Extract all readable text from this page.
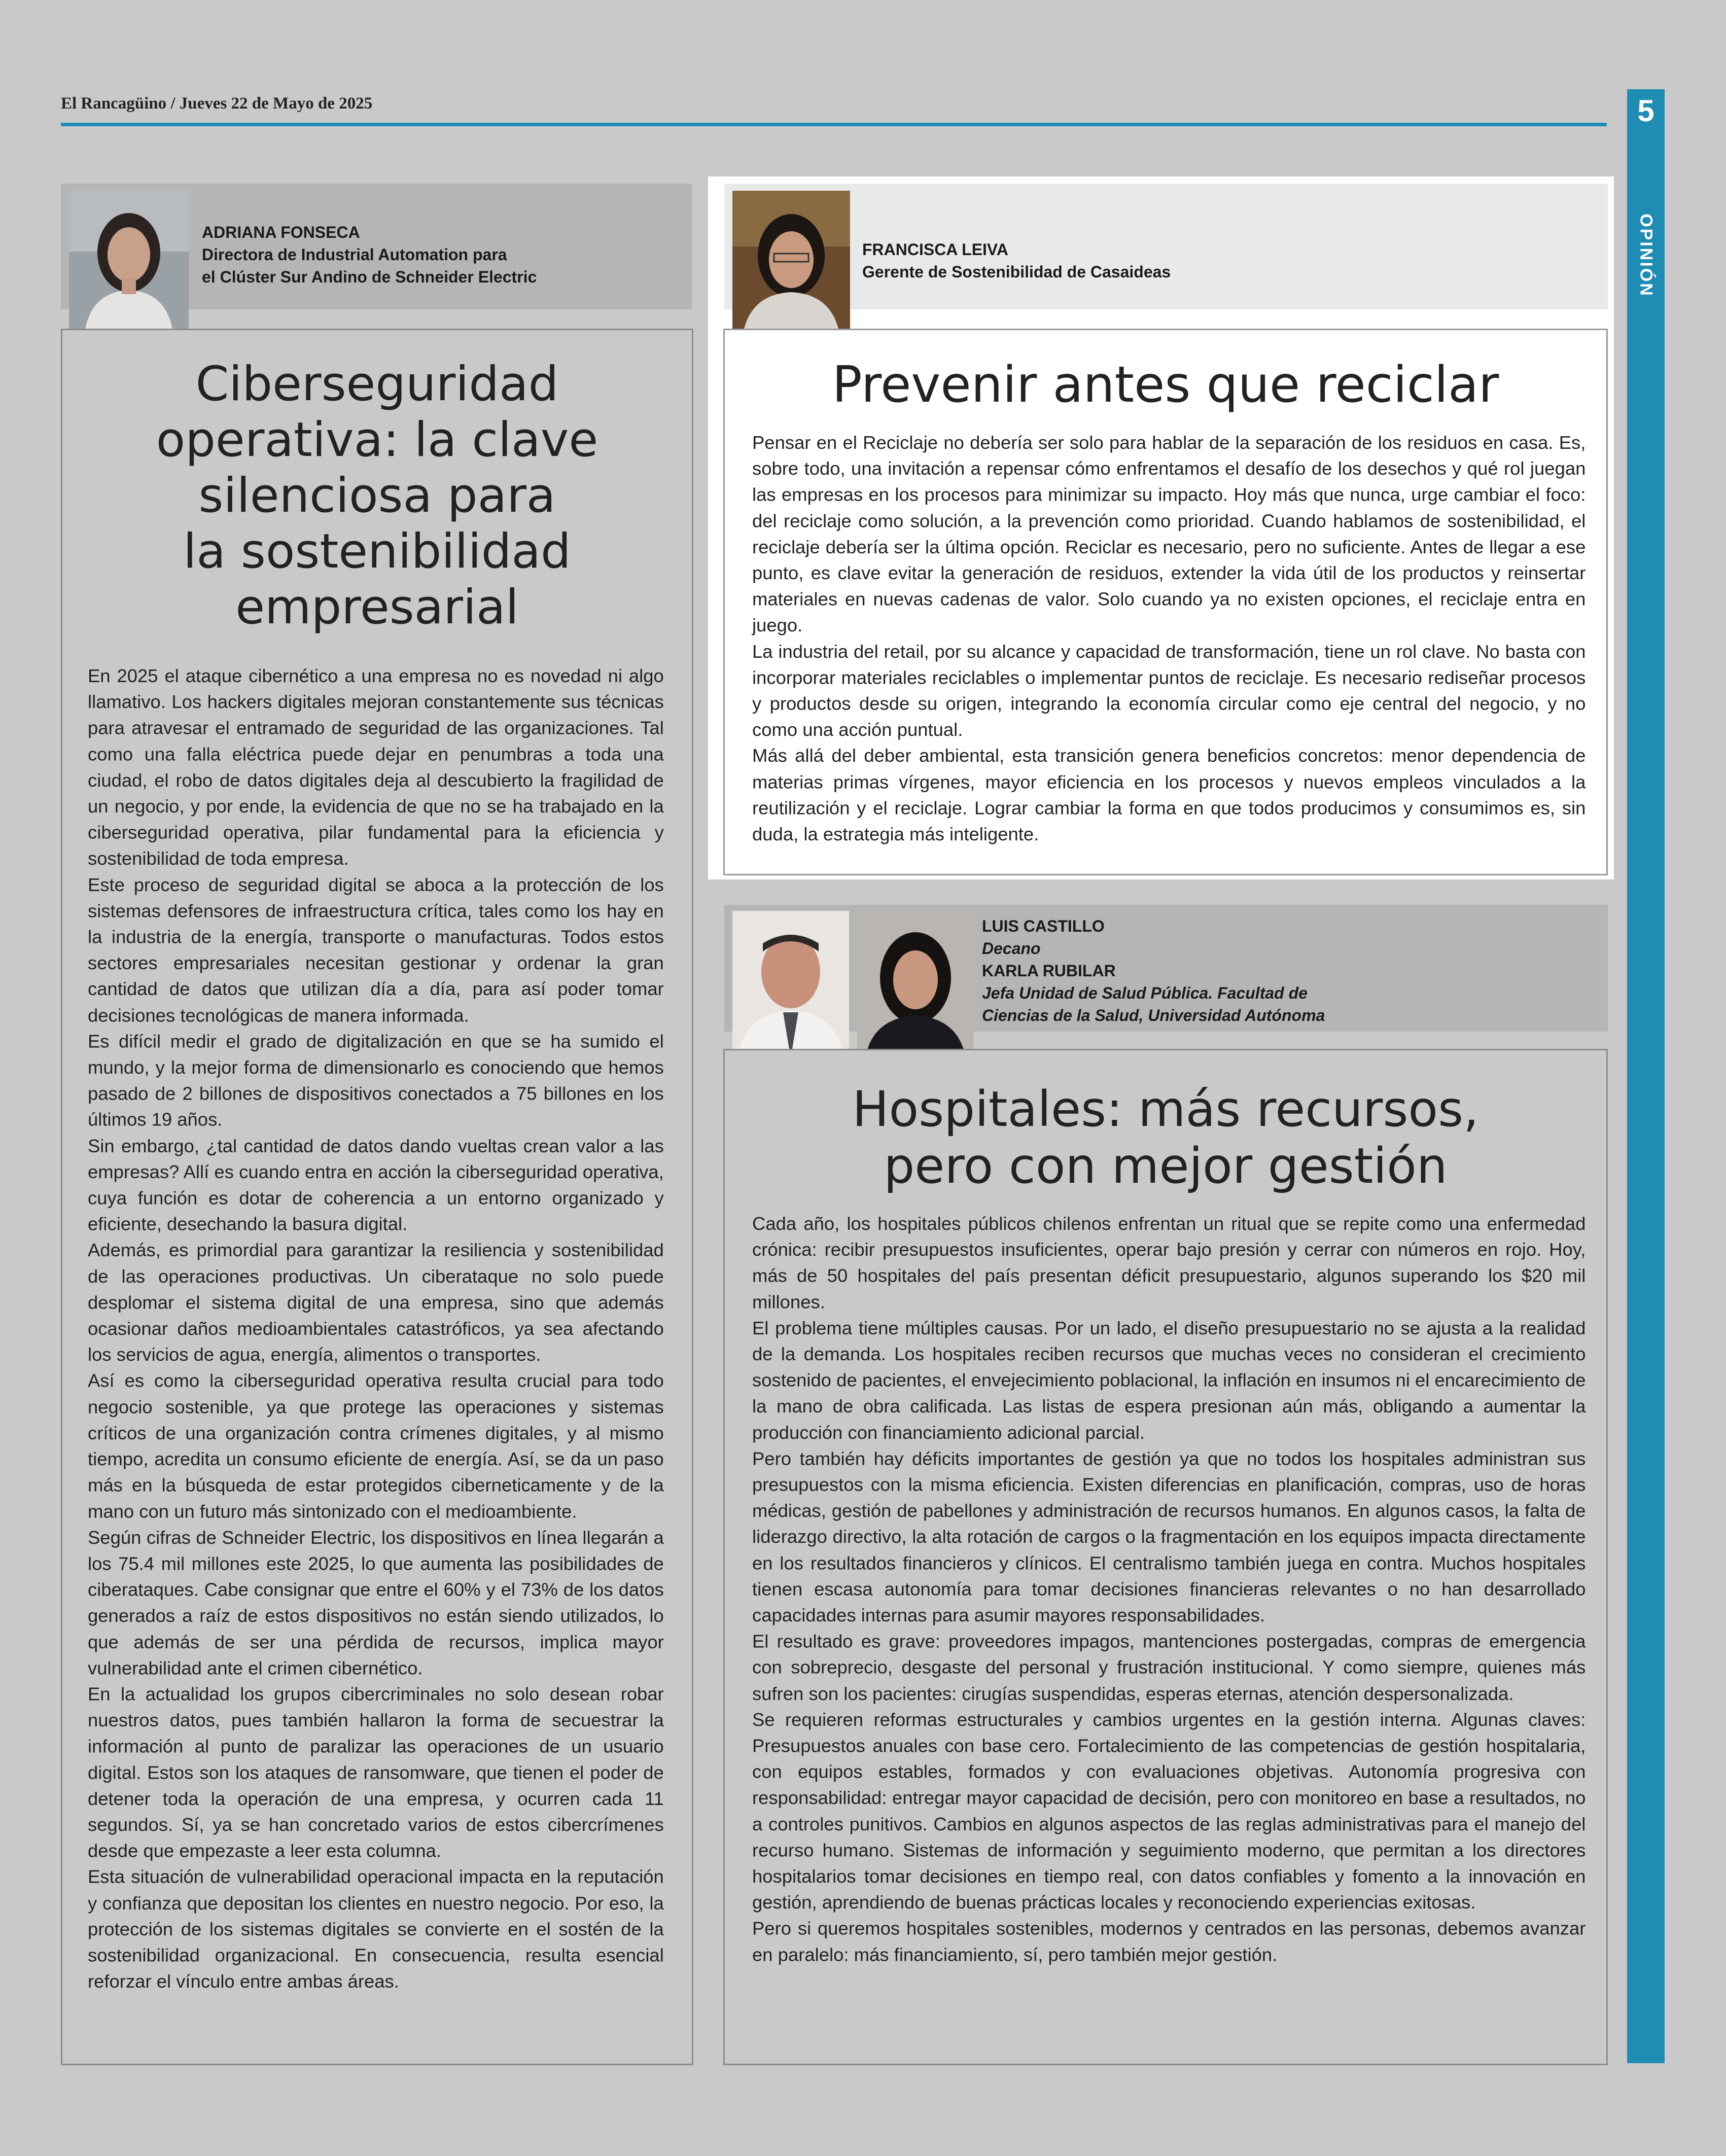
El Rancagüino / Jueves 22 de Mayo de 2025	5
OPINIÓN
ADRIANA FONSECA
Directora de Industrial Automation para
el Clúster Sur Andino de Schneider Electric
Ciberseguridad
operativa: la clave
silenciosa para
la sostenibilidad
empresarial

En 2025 el ataque cibernético a una empresa no es novedad ni algo llamativo. Los hackers digitales mejoran constantemente sus técnicas para atravesar el entramado de seguridad de las organizaciones. Tal como una falla eléctrica puede dejar en penumbras a toda una ciudad, el robo de datos digitales deja al descubierto la fragilidad de un negocio, y por ende, la evidencia de que no se ha trabajado en la ciberseguridad operativa, pilar fundamental para la eficiencia y sostenibilidad de toda empresa.

Este proceso de seguridad digital se aboca a la protección de los sistemas defensores de infraestructura crítica, tales como los hay en la industria de la energía, transporte o manufacturas. Todos estos sectores empresariales necesitan gestionar y ordenar la gran cantidad de datos que utilizan día a día, para así poder tomar decisiones tecnológicas de manera informada.

Es difícil medir el grado de digitalización en que se ha sumido el mundo, y la mejor forma de dimensionarlo es conociendo que hemos pasado de 2 billones de dispositivos conectados a 75 billones en los últimos 19 años.

Sin embargo, ¿tal cantidad de datos dando vueltas crean valor a las empresas? Allí es cuando entra en acción la ciberseguridad operativa, cuya función es dotar de coherencia a un entorno organizado y eficiente, desechando la basura digital.

Además, es primordial para garantizar la resiliencia y sostenibilidad de las operaciones productivas. Un ciberataque no solo puede desplomar el sistema digital de una empresa, sino que además ocasionar daños medioambientales catastróficos, ya sea afectando los servicios de agua, energía, alimentos o transportes.

Así es como la ciberseguridad operativa resulta crucial para todo negocio sostenible, ya que protege las operaciones y sistemas críticos de una organización contra crímenes digitales, y al mismo tiempo, acredita un consumo eficiente de energía. Así, se da un paso más en la búsqueda de estar protegidos ciberneticamente y de la mano con un futuro más sintonizado con el medioambiente.

Según cifras de Schneider Electric, los dispositivos en línea llegarán a los 75.4 mil millones este 2025, lo que aumenta las posibilidades de ciberataques. Cabe consignar que entre el 60% y el 73% de los datos generados a raíz de estos dispositivos no están siendo utilizados, lo que además de ser una pérdida de recursos, implica mayor vulnerabilidad ante el crimen cibernético.

En la actualidad los grupos cibercriminales no solo desean robar nuestros datos, pues también hallaron la forma de secuestrar la información al punto de paralizar las operaciones de un usuario digital. Estos son los ataques de ransomware, que tienen el poder de detener toda la operación de una empresa, y ocurren cada 11 segundos. Sí, ya se han concretado varios de estos cibercrímenes desde que empezaste a leer esta columna.

Esta situación de vulnerabilidad operacional impacta en la reputación y confianza que depositan los clientes en nuestro negocio. Por eso, la protección de los sistemas digitales se convierte en el sostén de la sostenibilidad organizacional. En consecuencia, resulta esencial reforzar el vínculo entre ambas áreas.

FRANCISCA LEIVA
Gerente de Sostenibilidad de Casaideas
Prevenir antes que reciclar

Pensar en el Reciclaje no debería ser solo para hablar de la separación de los residuos en casa. Es, sobre todo, una invitación a repensar cómo enfrentamos el desafío de los desechos y qué rol juegan las empresas en los procesos para minimizar su impacto. Hoy más que nunca, urge cambiar el foco: del reciclaje como solución, a la prevención como prioridad. Cuando hablamos de sostenibilidad, el reciclaje debería ser la última opción. Reciclar es necesario, pero no suficiente. Antes de llegar a ese punto, es clave evitar la generación de residuos, extender la vida útil de los productos y reinsertar materiales en nuevas cadenas de valor. Solo cuando ya no existen opciones, el reciclaje entra en juego.

La industria del retail, por su alcance y capacidad de transformación, tiene un rol clave. No basta con incorporar materiales reciclables o implementar puntos de reciclaje. Es necesario rediseñar procesos y productos desde su origen, integrando la economía circular como eje central del negocio, y no como una acción puntual.

Más allá del deber ambiental, esta transición genera beneficios concretos: menor dependencia de materias primas vírgenes, mayor eficiencia en los procesos y nuevos empleos vinculados a la reutilización y el reciclaje. Lograr cambiar la forma en que todos producimos y consumimos es, sin duda, la estrategia más inteligente.

LUIS CASTILLO
Decano
KARLA RUBILAR
Jefa Unidad de Salud Pública. Facultad de
Ciencias de la Salud, Universidad Autónoma
Hospitales: más recursos,
pero con mejor gestión

Cada año, los hospitales públicos chilenos enfrentan un ritual que se repite como una enfermedad crónica: recibir presupuestos insuficientes, operar bajo presión y cerrar con números en rojo. Hoy, más de 50 hospitales del país presentan déficit presupuestario, algunos superando los $20 mil millones.

El problema tiene múltiples causas. Por un lado, el diseño presupuestario no se ajusta a la realidad de la demanda. Los hospitales reciben recursos que muchas veces no consideran el crecimiento sostenido de pacientes, el envejecimiento poblacional, la inflación en insumos ni el encarecimiento de la mano de obra calificada. Las listas de espera presionan aún más, obligando a aumentar la producción con financiamiento adicional parcial.

Pero también hay déficits importantes de gestión ya que no todos los hospitales administran sus presupuestos con la misma eficiencia. Existen diferencias en planificación, compras, uso de horas médicas, gestión de pabellones y administración de recursos humanos. En algunos casos, la falta de liderazgo directivo, la alta rotación de cargos o la fragmentación en los equipos impacta directamente en los resultados financieros y clínicos. El centralismo también juega en contra. Muchos hospitales tienen escasa autonomía para tomar decisiones financieras relevantes o no han desarrollado capacidades internas para asumir mayores responsabilidades.

El resultado es grave: proveedores impagos, mantenciones postergadas, compras de emergencia con sobreprecio, desgaste del personal y frustración institucional. Y como siempre, quienes más sufren son los pacientes: cirugías suspendidas, esperas eternas, atención despersonalizada.

Se requieren reformas estructurales y cambios urgentes en la gestión interna. Algunas claves: Presupuestos anuales con base cero. Fortalecimiento de las competencias de gestión hospitalaria, con equipos estables, formados y con evaluaciones objetivas. Autonomía progresiva con responsabilidad: entregar mayor capacidad de decisión, pero con monitoreo en base a resultados, no a controles punitivos. Cambios en algunos aspectos de las reglas administrativas para el manejo del recurso humano. Sistemas de información y seguimiento moderno, que permitan a los directores hospitalarios tomar decisiones en tiempo real, con datos confiables y fomento a la innovación en gestión, aprendiendo de buenas prácticas locales y reconociendo experiencias exitosas.

Pero si queremos hospitales sostenibles, modernos y centrados en las personas, debemos avanzar en paralelo: más financiamiento, sí, pero también mejor gestión.
